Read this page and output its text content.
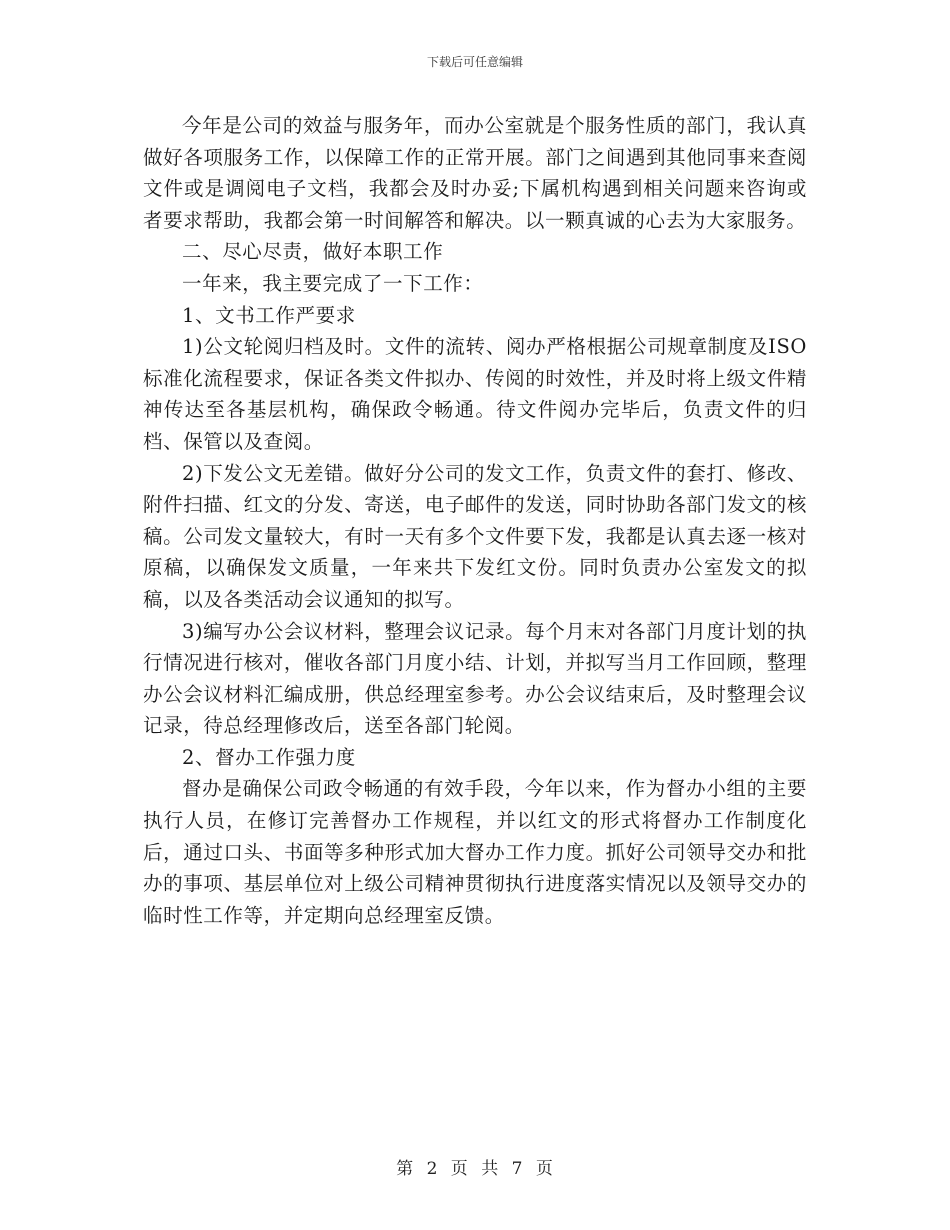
下载后可任意编辑

今年是公司的效益与服务年，而办公室就是个服务性质的部门，我认真做好各项服务工作，以保障工作的正常开展。部门之间遇到其他同事来查阅文件或是调阅电子文档，我都会及时办妥;下属机构遇到相关问题来咨询或者要求帮助，我都会第一时间解答和解决。以一颗真诚的心去为大家服务。

二、尽心尽责，做好本职工作

一年来，我主要完成了一下工作：

1、文书工作严要求

1)公文轮阅归档及时。文件的流转、阅办严格根据公司规章制度及ISO标准化流程要求，保证各类文件拟办、传阅的时效性，并及时将上级文件精神传达至各基层机构，确保政令畅通。待文件阅办完毕后，负责文件的归档、保管以及查阅。

2)下发公文无差错。做好分公司的发文工作，负责文件的套打、修改、附件扫描、红文的分发、寄送，电子邮件的发送，同时协助各部门发文的核稿。公司发文量较大，有时一天有多个文件要下发，我都是认真去逐一核对原稿，以确保发文质量，一年来共下发红文份。同时负责办公室发文的拟稿，以及各类活动会议通知的拟写。

3)编写办公会议材料，整理会议记录。每个月末对各部门月度计划的执行情况进行核对，催收各部门月度小结、计划，并拟写当月工作回顾，整理办公会议材料汇编成册，供总经理室参考。办公会议结束后，及时整理会议记录，待总经理修改后，送至各部门轮阅。

2、督办工作强力度

督办是确保公司政令畅通的有效手段，今年以来，作为督办小组的主要执行人员，在修订完善督办工作规程，并以红文的形式将督办工作制度化后，通过口头、书面等多种形式加大督办工作力度。抓好公司领导交办和批办的事项、基层单位对上级公司精神贯彻执行进度落实情况以及领导交办的临时性工作等，并定期向总经理室反馈。

第 2 页 共 7 页
